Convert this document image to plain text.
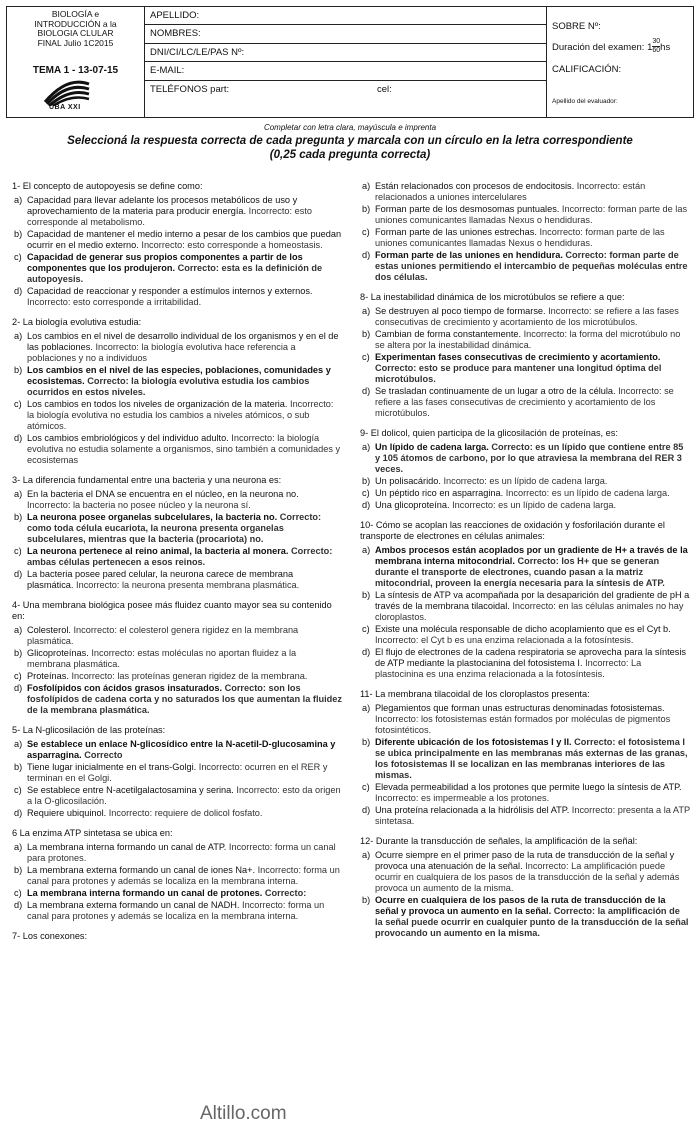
BIOLOGÍA e
INTRODUCCIÓN a la
BIOLOGIA CLULAR
FINAL Julio 1C2015
TEMA 1 - 13-07-15
UBA XXI
APELLIDO:
NOMBRES:
DNI/CI/LC/LE/PAS Nº:
E-MAIL:
TELÉFONOS part:	cel:
SOBRE Nº:
Duración del examen:
$1 \frac{30}{60}$ hs
CALIFICACIÓN:
Apellido del evaluador:
Completar con letra clara, mayúscula e imprenta
Seleccioná la respuesta correcta de cada pregunta y marcala con un círculo en la letra correspondiente
(0,25 cada pregunta correcta)
1- El concepto de autopoyesis se define como:
a) Capacidad para llevar adelante los procesos metabólicos de uso y aprovechamiento de la materia para producir energía. Incorrecto: esto corresponde al metabolismo.
b) Capacidad de mantener el medio interno a pesar de los cambios que puedan ocurrir en el medio externo. Incorrecto: esto corresponde a homeostasis.
c) Capacidad de generar sus propios componentes a partir de los componentes que los produjeron. Correcto: esta es la definición de autopoyesis.
d) Capacidad de reaccionar y responder a estímulos internos y externos. Incorrecto: esto corresponde a irritabilidad.
2- La biología evolutiva estudia:
a) Los cambios en el nivel de desarrollo individual de los organismos y en el de las poblaciones. Incorrecto: la biología evolutiva hace referencia a poblaciones y no a individuos
b) Los cambios en el nivel de las especies, poblaciones, comunidades y ecosistemas. Correcto: la biología evolutiva estudia los cambios ocurridos en estos niveles.
c) Los cambios en todos los niveles de organización de la materia. Incorrecto: la biología evolutiva no estudia los cambios a niveles atómicos, o sub atómicos.
d) Los cambios embriológicos y del individuo adulto. Incorrecto: la biología evolutiva no estudia solamente a organismos, sino también a comunidades y ecosistemas
3- La diferencia fundamental entre una bacteria y una neurona es:
a) En la bacteria el DNA se encuentra en el núcleo, en la neurona no. Incorrecto: la bacteria no posee núcleo y la neurona sí.
b) La neurona posee organelas subcelulares, la bacteria no. Correcto: como toda célula eucariota, la neurona presenta organelas subcelulares, mientras que la bacteria (procariota) no.
c) La neurona pertenece al reino animal, la bacteria al monera. Correcto: ambas células pertenecen a esos reinos.
d) La bacteria posee pared celular, la neurona carece de membrana plasmática. Incorrecto: la neurona presenta membrana plasmática.
4- Una membrana biológica posee más fluidez cuanto mayor sea su contenido en:
a) Colesterol. Incorrecto: el colesterol genera rigidez en la membrana plasmática.
b) Glicoproteínas. Incorrecto: estas moléculas no aportan fluidez a la membrana plasmática.
c) Proteínas. Incorrecto: las proteínas generan rigidez de la membrana.
d) Fosfolípidos con ácidos grasos insaturados. Correcto: son los fosfolípidos de cadena corta y no saturados los que aumentan la fluidez de la membrana plasmática.
5- La N-glicosilación de las proteínas:
a) Se establece un enlace N-glicosídico entre la N-acetil-D-glucosamina y asparragina. Correcto
b) Tiene lugar inicialmente en el trans-Golgi. Incorrecto: ocurren en el RER y terminan en el Golgi.
c) Se establece entre N-acetilgalactosamina y serina. Incorrecto: esto da origen a la O-glicosilación.
d) Requiere ubiquinol. Incorrecto: requiere de dolicol fosfato.
6 La enzima ATP sintetasa se ubica en:
a) La membrana interna formando un canal de ATP. Incorrecto: forma un canal para protones.
b) La membrana externa formando un canal de iones Na+. Incorrecto: forma un canal para protones y además se localiza en la membrana interna.
c) La membrana interna formando un canal de protones. Correcto:
d) La membrana externa formando un canal de NADH. Incorrecto: forma un canal para protones y además se localiza en la membrana interna.
7- Los conexones:
a) Están relacionados con procesos de endocitosis. Incorrecto: están relacionados a uniones intercelulares
b) Forman parte de los desmosomas puntuales. Incorrecto: forman parte de las uniones comunicantes llamadas Nexus o hendiduras.
c) Forman parte de las uniones estrechas. Incorrecto: forman parte de las uniones comunicantes llamadas Nexus o hendiduras.
d) Forman parte de las uniones en hendidura. Correcto: forman parte de estas uniones permitiendo el intercambio de pequeñas moléculas entre dos células.
8- La inestabilidad dinámica de los microtúbulos se refiere a que:
a) Se destruyen al poco tiempo de formarse. Incorrecto: se refiere a las fases consecutivas de crecimiento y acortamiento de los microtúbulos.
b) Cambian de forma constantemente. Incorrecto: la forma del microtúbulo no se altera por la inestabilidad dinámica.
c) Experimentan fases consecutivas de crecimiento y acortamiento. Correcto: esto se produce para mantener una longitud óptima del microtúbulos.
d) Se trasladan continuamente de un lugar a otro de la célula. Incorrecto: se refiere a las fases consecutivas de crecimiento y acortamiento de los microtúbulos.
9- El dolicol, quien participa de la glicosilación de proteínas, es:
a) Un lípido de cadena larga. Correcto: es un lípido que contiene entre 85 y 105 átomos de carbono, por lo que atraviesa la membrana del RER 3 veces.
b) Un polisacárido. Incorrecto: es un lípido de cadena larga.
c) Un péptido rico en asparragina. Incorrecto: es un lípido de cadena larga.
d) Una glicoproteína. Incorrecto: es un lípido de cadena larga.
10- Cómo se acoplan las reacciones de oxidación y fosforilación durante el transporte de electrones en células animales:
a) Ambos procesos están acoplados por un gradiente de H+ a través de la membrana interna mitocondrial. Correcto: los H+ que se generan durante el transporte de electrones, cuando pasan a la matriz mitocondrial, proveen la energía necesaria para la síntesis de ATP.
b) La síntesis de ATP va acompañada por la desaparición del gradiente de pH a través de la membrana tilacoidal. Incorrecto: en las células animales no hay cloroplastos.
c) Existe una molécula responsable de dicho acoplamiento que es el Cyt b. Incorrecto: el Cyt b es una enzima relacionada a la fotosíntesis.
d) El flujo de electrones de la cadena respiratoria se aprovecha para la síntesis de ATP mediante la plastocianina del fotosistema I. Incorrecto: La plastocinina es una enzima relacionada a la fotosíntesis.
11- La membrana tilacoidal de los cloroplastos presenta:
a) Plegamientos que forman unas estructuras denominadas fotosistemas. Incorrecto: los fotosistemas están formados por moléculas de pigmentos fotosintéticos.
b) Diferente ubicación de los fotosistemas I y II. Correcto: el fotosistema I se ubica principalmente en las membranas más externas de las granas, los fotosistemas II se localizan en las membranas interiores de las mismas.
c) Elevada permeabilidad a los protones que permite luego la síntesis de ATP. Incorrecto: es impermeable a los protones.
d) Una proteína relacionada a la hidrólisis del ATP. Incorrecto: presenta a la ATP sintetasa.
12- Durante la transducción de señales, la amplificación de la señal:
a) Ocurre siempre en el primer paso de la ruta de transducción de la señal y provoca una atenuación de la señal. Incorrecto: La amplificación puede ocurrir en cualquiera de los pasos de la transducción de la señal y además provoca un aumento de la misma.
b) Ocurre en cualquiera de los pasos de la ruta de transducción de la señal y provoca un aumento en la señal. Correcto: la amplificación de la señal puede ocurrir en cualquier punto de la transducción de la señal provocando un aumento en la misma.
Altillo.com
